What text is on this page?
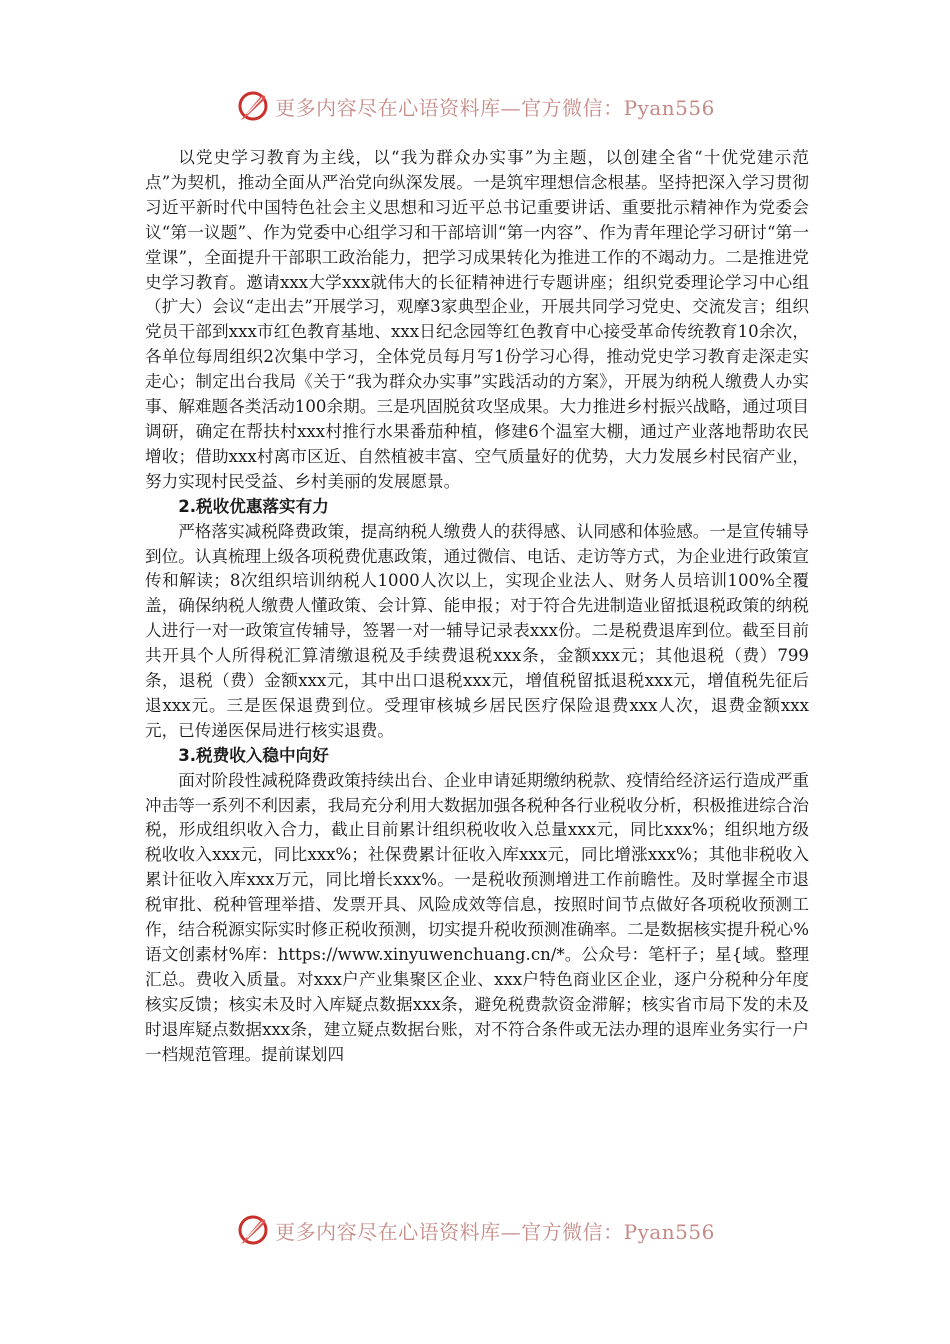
更多内容尽在心语资料库—官方微信：Pyan556

以党史学习教育为主线，以“我为群众办实事”为主题，以创建全省“十优党建示范点”为契机，推动全面从严治党向纵深发展。一是筑牢理想信念根基。坚持把深入学习贯彻习近平新时代中国特色社会主义思想和习近平总书记重要讲话、重要批示精神作为党委会议“第一议题”、作为党委中心组学习和干部培训“第一内容”、作为青年理论学习研讨“第一堂课”，全面提升干部职工政治能力，把学习成果转化为推进工作的不竭动力。二是推进党史学习教育。邀请xxx大学xxx就伟大的长征精神进行专题讲座；组织党委理论学习中心组（扩大）会议“走出去”开展学习，观摩3家典型企业，开展共同学习党史、交流发言；组织党员干部到xxx市红色教育基地、xxx日纪念园等红色教育中心接受革命传统教育10余次，各单位每周组织2次集中学习，全体党员每月写1份学习心得，推动党史学习教育走深走实走心；制定出台我局《关于“我为群众办实事”实践活动的方案》，开展为纳税人缴费人办实事、解难题各类活动100余期。三是巩固脱贫攻坚成果。大力推进乡村振兴战略，通过项目调研，确定在帮扶村xxx村推行水果番茄种植，修建6个温室大棚，通过产业落地帮助农民增收；借助xxx村离市区近、自然植被丰富、空气质量好的优势，大力发展乡村民宿产业，努力实现村民受益、乡村美丽的发展愿景。

2.税收优惠落实有力

严格落实减税降费政策，提高纳税人缴费人的获得感、认同感和体验感。一是宣传辅导到位。认真梳理上级各项税费优惠政策，通过微信、电话、走访等方式，为企业进行政策宣传和解读；8次组织培训纳税人1000人次以上，实现企业法人、财务人员培训100%全覆盖，确保纳税人缴费人懂政策、会计算、能申报；对于符合先进制造业留抵退税政策的纳税人进行一对一政策宣传辅导，签署一对一辅导记录表xxx份。二是税费退库到位。截至目前共开具个人所得税汇算清缴退税及手续费退税xxx条，金额xxx元；其他退税（费）799条，退税（费）金额xxx元，其中出口退税xxx元，增值税留抵退税xxx元，增值税先征后退xxx元。三是医保退费到位。受理审核城乡居民医疗保险退费xxx人次，退费金额xxx元，已传递医保局进行核实退费。

3.税费收入稳中向好

面对阶段性减税降费政策持续出台、企业申请延期缴纳税款、疫情给经济运行造成严重冲击等一系列不利因素，我局充分利用大数据加强各税种各行业税收分析，积极推进综合治税，形成组织收入合力，截止目前累计组织税收收入总量xxx元，同比xxx%；组织地方级税收收入xxx元，同比xxx%；社保费累计征收入库xxx元，同比增涨xxx%；其他非税收入累计征收入库xxx万元，同比增长xxx%。一是税收预测增进工作前瞻性。及时掌握全市退税审批、税种管理举措、发票开具、风险成效等信息，按照时间节点做好各项税收预测工作，结合税源实际实时修正税收预测，切实提升税收预测准确率。二是数据核实提升税心%语文创素材%库：https://www.xinyuwenchuang.cn/*。公众号：笔杆子；星{域。整理汇总。费收入质量。对xxx户产业集聚区企业、xxx户特色商业区企业，逐户分税种分年度核实反馈；核实未及时入库疑点数据xxx条，避免税费款资金滞解；核实省市局下发的未及时退库疑点数据xxx条，建立疑点数据台账，对不符合条件或无法办理的退库业务实行一户一档规范管理。提前谋划四

更多内容尽在心语资料库—官方微信：Pyan556
